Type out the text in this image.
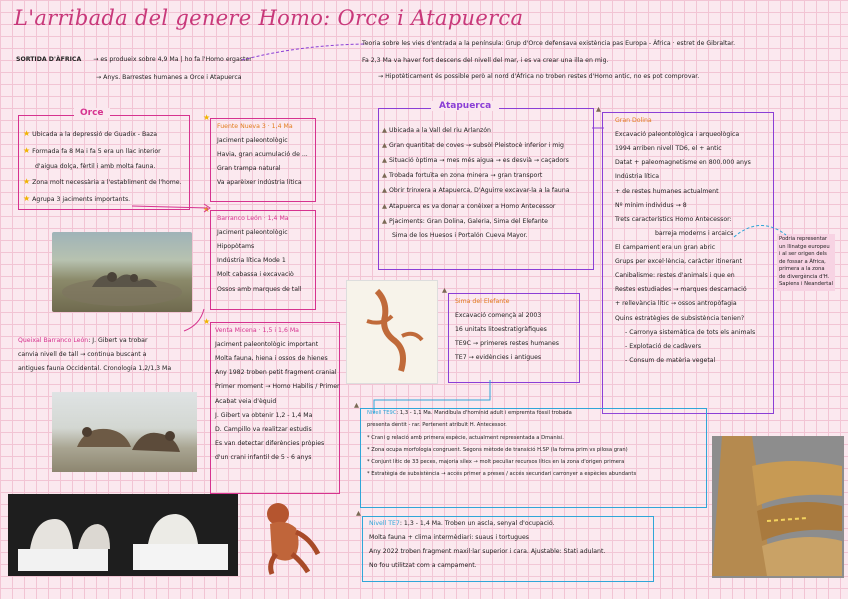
L'arribada del genere Homo: Orce i Atapuerca
SORTIDA D'ÀFRICA → es produeix sobre 4,9 Ma | ho fa l'Homo ergaster
→ Anys. Barrestes humanes a Orce i Atapuerca
Teoria sobre les vies d'entrada a la península: Grup d'Orce defensava existència pas Europa - Àfrica · estret de Gibraltar.
Fa 2,3 Ma va haver fort descens del nivell del mar, i es va crear una illa en mig.
→ Hipotèticament és possible però al nord d'Àfrica no troben restes d'Homo antic, no es pot comprovar.
Orce
★ Ubicada a la depressió de Guadix - Baza
★ Formada fa 8 Ma i fa 5 era un llac interior
d'aigua dolça, fèrtil i amb molta fauna.
★ Zona molt necessària a l'establiment de l'home.
★ Agrupa 3 jaciments importants.
★
Fuente Nueva 3 · 1,4 Ma
Jaciment paleontològic
Havia, gran acumulació de ...
Gran trampa natural
Va aparèixer indústria lítica
★
Barranco León · 1,4 Ma
Jaciment paleontològic
Hipopòtams
Indústria lítica Mode 1
Molt cabassa i excavaciò
Ossos amb marques de tall
Queixal Barranco León: J. Gibert va trobar
canvia nivell de tall → continua buscant a
antigues fauna Occidental. Cronologia 1,2/1,3 Ma
★
Venta Micena · 1,5 i 1,6 Ma
Jaciment paleontològic important
Molta fauna, hiena i ossos de hienes
Any 1982 troben petit fragment cranial
Primer moment → Homo Habilis / Primer
Acabat veia d'èquid
J. Gibert va obtenir 1,2 - 1,4 Ma
D. Campillo va realitzar estudis
Es van detectar diferències pròpies
d'un crani infantil de 5 - 6 anys
Atapuerca
▲ Ubicada a la Vall del riu Arlanzón
▲ Gran quantitat de coves → subsòl Pleistocè inferior i mig
▲ Situació òptima → mes més aigua → es desvià → caçadors
▲ Trobada fortuïta en zona minera → gran transport
▲ Obrir trinxera a Atapuerca, D'Aguirre excavar-la a la fauna
▲ Atapuerca es va donar a conèixer a Homo Antecessor
▲ Pjaciments: Gran Dolina, Galeria, Sima del Elefante
Sima de los Huesos i Portalón Cueva Mayor.
▲
Gran Dolina
Excavació paleontològica i arqueològica
1994 arriben nivell TD6, el + antic
Datat + paleomagnetisme en 800.000 anys
Indústria lítica
+ de restes humanes actualment
Nº mínim individus → 8
Trets característics Homo Antecessor:
barreja moderns i arcaics
El campament era un gran abric
Grups per excel·lència, caràcter itinerant
Canibalisme: restes d'animals i que en
Restes estudiades → marques descarnació
+ rellevància lític → ossos antropòfagia
Quins estratègies de subsistència tenien?
- Carronya sistemàtica de tots els animals
- Explotació de cadàvers
- Consum de matèria vegetal
Podria representar
un llinatge europeu
i al ser origen dels
de fossar a Àfrica,
primera a la zona
de divergència d'H.
Sapiens i Neandertal
▲
Sima del Elefante
Excavació començà al 2003
16 unitats litoestratigràfiques
TE9C → primeres restes humanes
TE7 → evidències i antigues
▲
Nivell TE9C: 1,3 - 1,1 Ma. Mandíbula d'homínid adult i empremta fòssil trobada
presenta dentit - rar. Pertenent atribuït H. Antecessor.
* Crani g relació amb primera espècie, actualment representada a Dmanisi.
* Zona ocupa morfologia congruent. Segons mètode de transició H.SP (la forma prim vs pilosa gran)
* Conjunt lític de 33 peces, majoria sílex → molt peculiar recursos lítics en la zona d'origen primera
* Estratègia de subsistència → accés primer a preses / accés secundari carronyer a espècies abundants
▲
Nivell TE7: 1,3 - 1,4 Ma. Troben un ascla, senyal d'ocupació.
Molta fauna + clima intermèdiari: suaus i tortugues
Any 2022 troben fragment maxil·lar superior i cara. Ajustable: Stati adulant.
No fou utilitzat com a campament.
